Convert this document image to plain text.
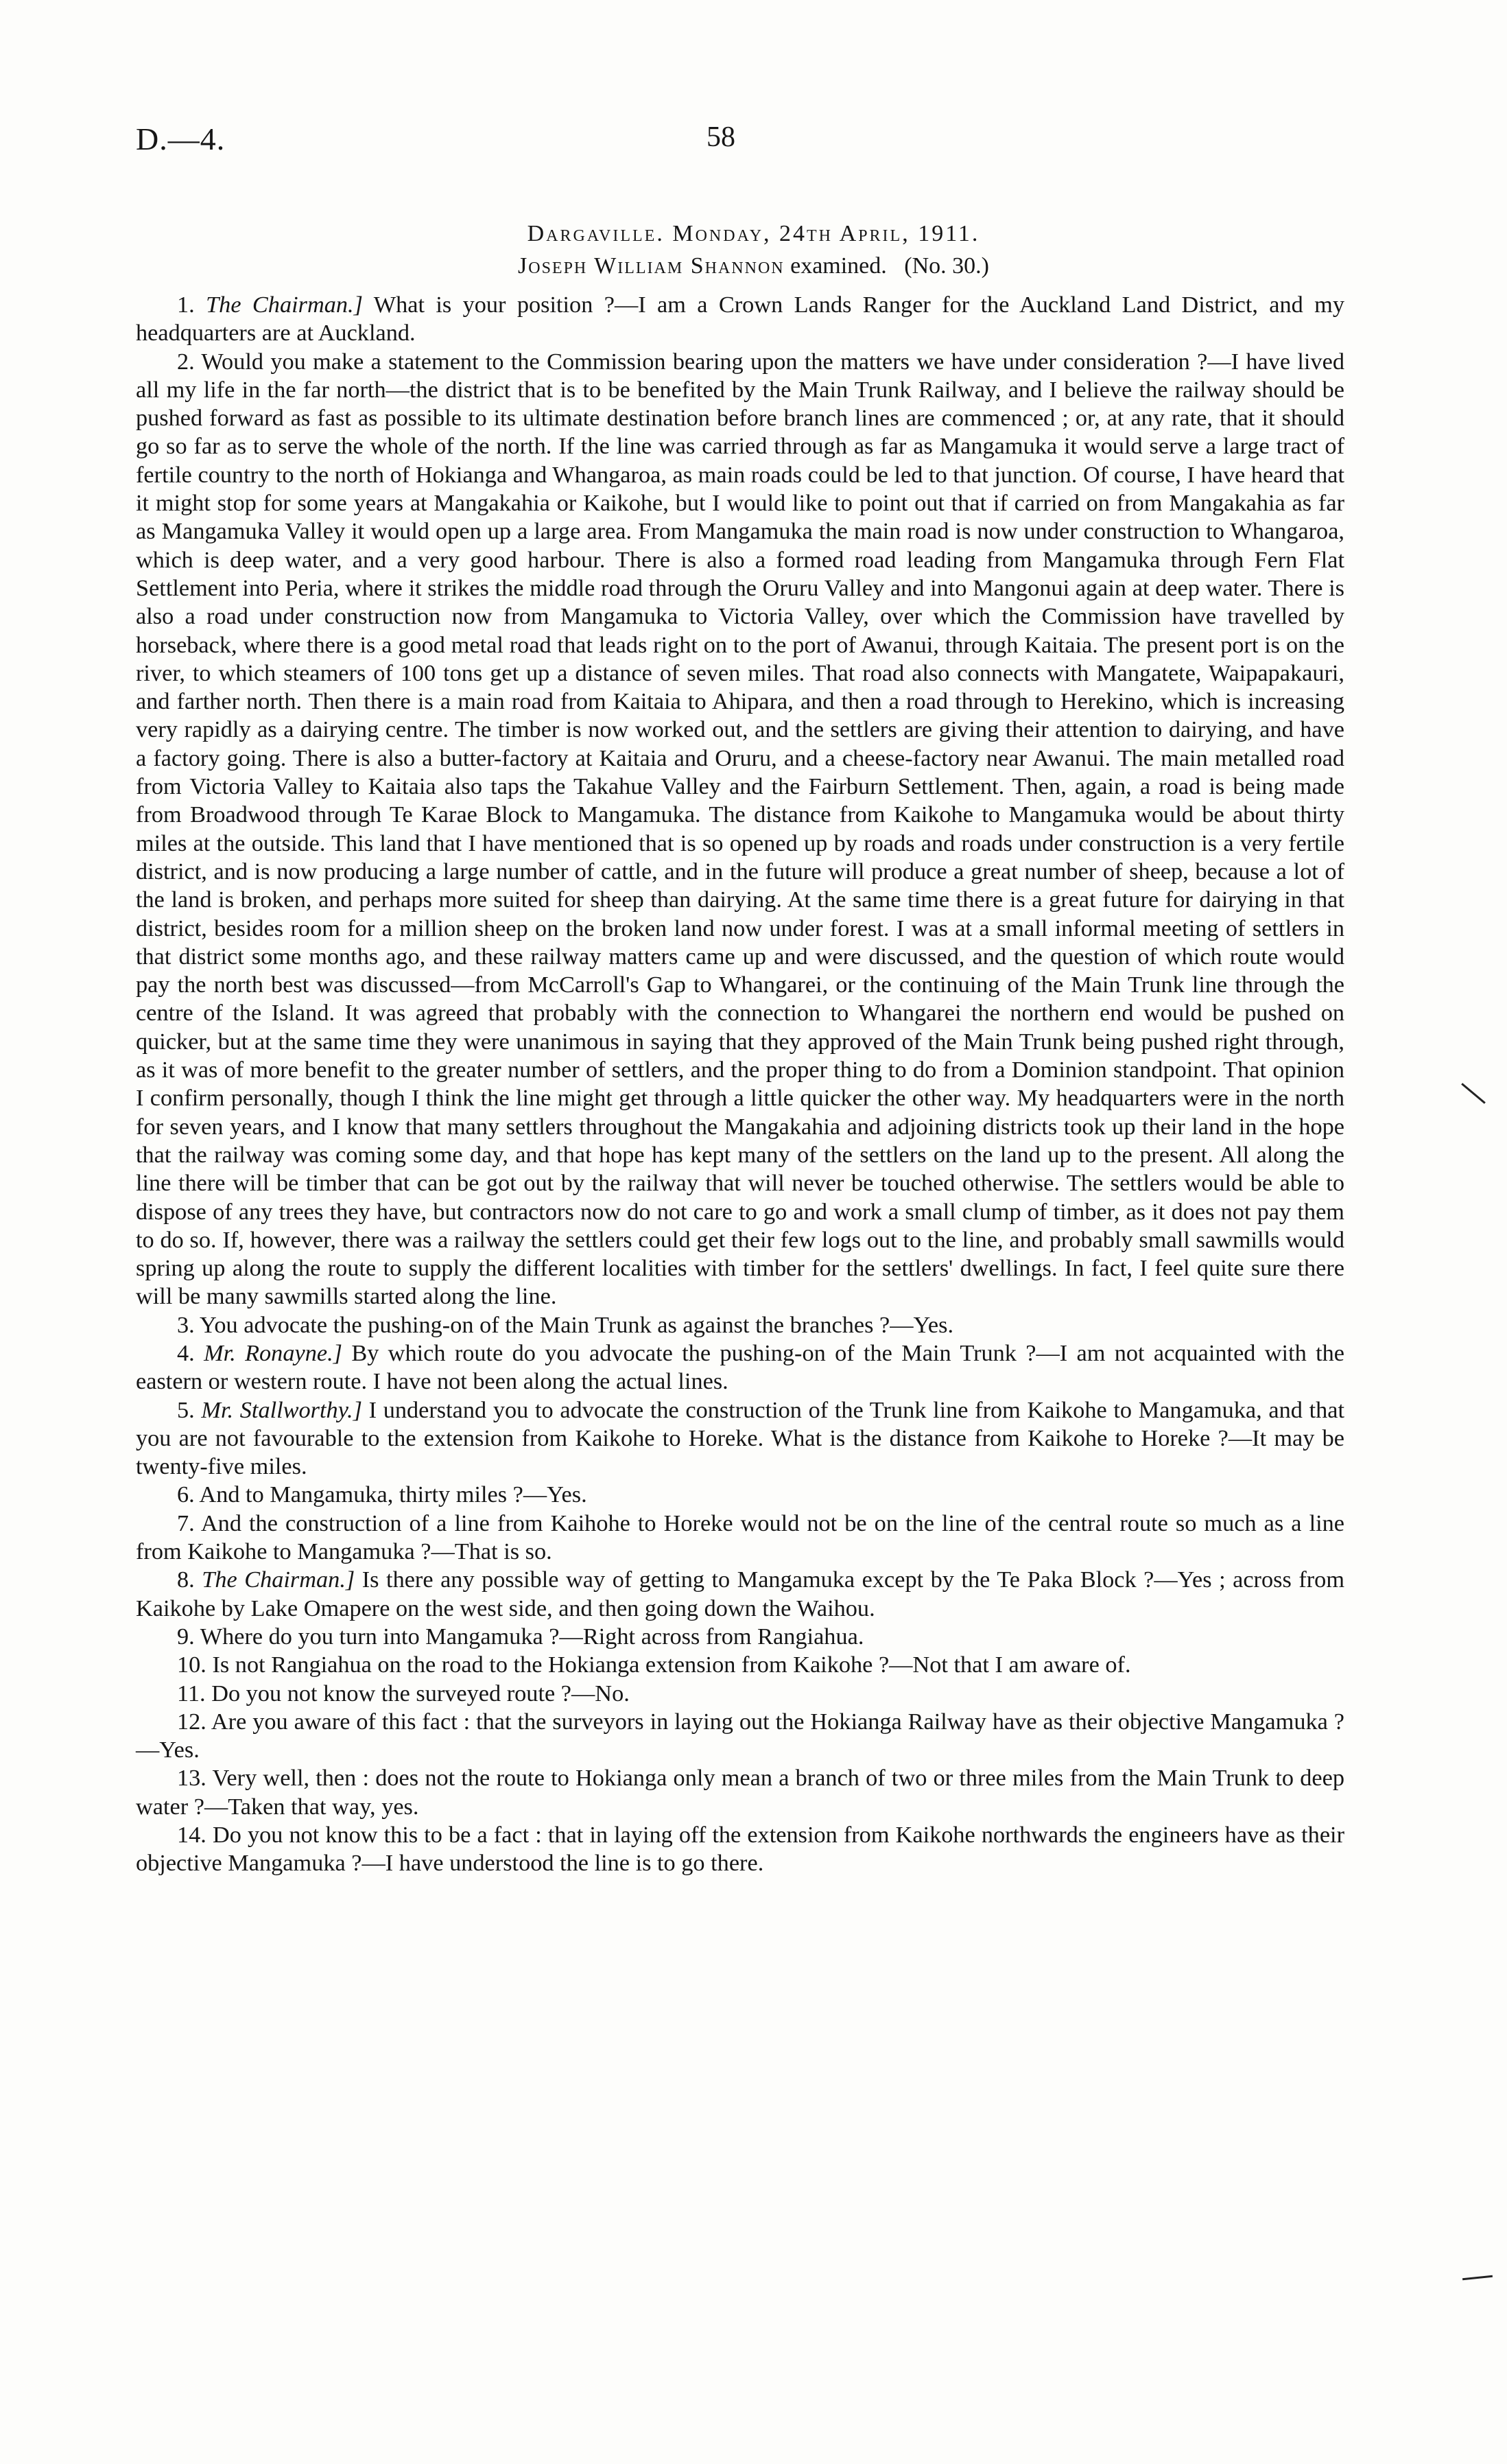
D.—4.	58
Dargaville. Monday, 24th April, 1911.
Joseph William Shannon examined. (No. 30.)

1. The Chairman.] What is your position ?—I am a Crown Lands Ranger for the Auckland Land District, and my headquarters are at Auckland.

2. Would you make a statement to the Commission bearing upon the matters we have under consideration ?—I have lived all my life in the far north—the district that is to be benefited by the Main Trunk Railway, and I believe the railway should be pushed forward as fast as possible to its ultimate destination before branch lines are commenced ; or, at any rate, that it should go so far as to serve the whole of the north. If the line was carried through as far as Mangamuka it would serve a large tract of fertile country to the north of Hokianga and Whangaroa, as main roads could be led to that junction. Of course, I have heard that it might stop for some years at Mangakahia or Kaikohe, but I would like to point out that if carried on from Mangakahia as far as Mangamuka Valley it would open up a large area. From Mangamuka the main road is now under construction to Whangaroa, which is deep water, and a very good harbour. There is also a formed road leading from Mangamuka through Fern Flat Settlement into Peria, where it strikes the middle road through the Oruru Valley and into Mangonui again at deep water. There is also a road under construction now from Mangamuka to Victoria Valley, over which the Commission have travelled by horseback, where there is a good metal road that leads right on to the port of Awanui, through Kaitaia. The present port is on the river, to which steamers of 100 tons get up a distance of seven miles. That road also connects with Mangatete, Waipapakauri, and farther north. Then there is a main road from Kaitaia to Ahipara, and then a road through to Herekino, which is increasing very rapidly as a dairying centre. The timber is now worked out, and the settlers are giving their attention to dairying, and have a factory going. There is also a butter-factory at Kaitaia and Oruru, and a cheese-factory near Awanui. The main metalled road from Victoria Valley to Kaitaia also taps the Takahue Valley and the Fairburn Settlement. Then, again, a road is being made from Broadwood through Te Karae Block to Mangamuka. The distance from Kaikohe to Mangamuka would be about thirty miles at the outside. This land that I have mentioned that is so opened up by roads and roads under construction is a very fertile district, and is now producing a large number of cattle, and in the future will produce a great number of sheep, because a lot of the land is broken, and perhaps more suited for sheep than dairying. At the same time there is a great future for dairying in that district, besides room for a million sheep on the broken land now under forest. I was at a small informal meeting of settlers in that district some months ago, and these railway matters came up and were discussed, and the question of which route would pay the north best was discussed—from McCarroll's Gap to Whangarei, or the continuing of the Main Trunk line through the centre of the Island. It was agreed that probably with the connection to Whangarei the northern end would be pushed on quicker, but at the same time they were unanimous in saying that they approved of the Main Trunk being pushed right through, as it was of more benefit to the greater number of settlers, and the proper thing to do from a Dominion standpoint. That opinion I confirm personally, though I think the line might get through a little quicker the other way. My headquarters were in the north for seven years, and I know that many settlers throughout the Mangakahia and adjoining districts took up their land in the hope that the railway was coming some day, and that hope has kept many of the settlers on the land up to the present. All along the line there will be timber that can be got out by the railway that will never be touched otherwise. The settlers would be able to dispose of any trees they have, but contractors now do not care to go and work a small clump of timber, as it does not pay them to do so. If, however, there was a railway the settlers could get their few logs out to the line, and probably small sawmills would spring up along the route to supply the different localities with timber for the settlers' dwellings. In fact, I feel quite sure there will be many sawmills started along the line.

3. You advocate the pushing-on of the Main Trunk as against the branches ?—Yes.

4. Mr. Ronayne.] By which route do you advocate the pushing-on of the Main Trunk ?—I am not acquainted with the eastern or western route. I have not been along the actual lines.

5. Mr. Stallworthy.] I understand you to advocate the construction of the Trunk line from Kaikohe to Mangamuka, and that you are not favourable to the extension from Kaikohe to Horeke. What is the distance from Kaikohe to Horeke ?—It may be twenty-five miles.

6. And to Mangamuka, thirty miles ?—Yes.

7. And the construction of a line from Kaihohe to Horeke would not be on the line of the central route so much as a line from Kaikohe to Mangamuka ?—That is so.

8. The Chairman.] Is there any possible way of getting to Mangamuka except by the Te Paka Block ?—Yes ; across from Kaikohe by Lake Omapere on the west side, and then going down the Waihou.

9. Where do you turn into Mangamuka ?—Right across from Rangiahua.

10. Is not Rangiahua on the road to the Hokianga extension from Kaikohe ?—Not that I am aware of.

11. Do you not know the surveyed route ?—No.

12. Are you aware of this fact : that the surveyors in laying out the Hokianga Railway have as their objective Mangamuka ?—Yes.

13. Very well, then : does not the route to Hokianga only mean a branch of two or three miles from the Main Trunk to deep water ?—Taken that way, yes.

14. Do you not know this to be a fact : that in laying off the extension from Kaikohe northwards the engineers have as their objective Mangamuka ?—I have understood the line is to go there.
